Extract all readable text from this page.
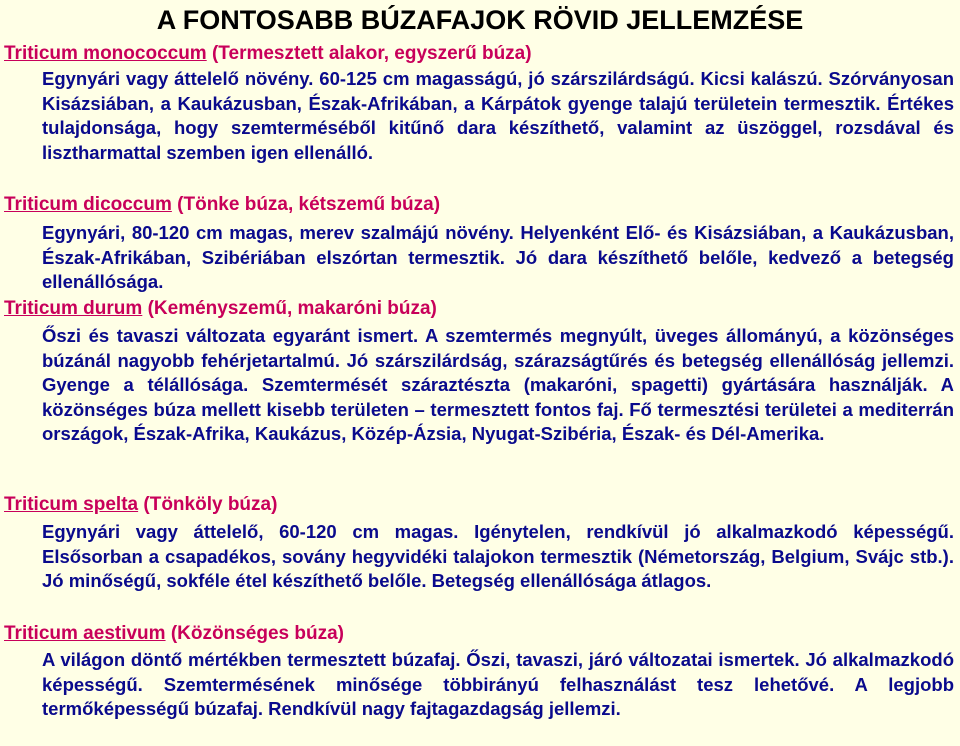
A FONTOSABB BÚZAFAJOK RÖVID JELLEMZÉSE
Triticum monococcum (Termesztett alakor, egyszerű búza)
Egynyári vagy áttelelő növény. 60-125 cm magasságú, jó szárszilárdságú. Kicsi kalászú. Szórványosan Kisázsiában, a Kaukázusban, Észak-Afrikában, a Kárpátok gyenge talajú területein termesztik. Értékes tulajdonsága, hogy szemterméséből kitűnő dara készíthető, valamint az üszöggel, rozsdával és lisztharmattal szemben igen ellenálló.
Triticum dicoccum (Tönke búza, kétszemű búza)
Egynyári, 80-120 cm magas, merev szalmájú növény. Helyenként Elő- és Kisázsiában, a Kaukázusban, Észak-Afrikában, Szibériában elszórtan termesztik. Jó dara készíthető belőle, kedvező a betegség ellenállósága.
Triticum durum (Keményszemű, makaróni búza)
Őszi és tavaszi változata egyaránt ismert. A szemtermés megnyúlt, üveges állományú, a közönséges búzánál nagyobb fehérjetartalmú. Jó szárszilárdság, szárazságtűrés és betegség ellenállóság jellemzi. Gyenge a télállósága. Szemtermését száraztészta (makaróni, spagetti) gyártására használják. A közönséges búza mellett kisebb területen – termesztett fontos faj. Fő termesztési területei a mediterrán országok, Észak-Afrika, Kaukázus, Közép-Ázsia, Nyugat-Szibéria, Észak- és Dél-Amerika.
Triticum spelta (Tönköly búza)
Egynyári vagy áttelelő, 60-120 cm magas. Igénytelen, rendkívül jó alkalmazkodó képességű. Elsősorban a csapadékos, sovány hegyvidéki talajokon termesztik (Németország, Belgium, Svájc stb.). Jó minőségű, sokféle étel készíthető belőle. Betegség ellenállósága átlagos.
Triticum aestivum (Közönséges búza)
A világon döntő mértékben termesztett búzafaj. Őszi, tavaszi, járó változatai ismertek. Jó alkalmazkodó képességű. Szemtermésének minősége többirányú felhasználást tesz lehetővé. A legjobb termőképességű búzafaj. Rendkívül nagy fajtagazdagság jellemzi.
